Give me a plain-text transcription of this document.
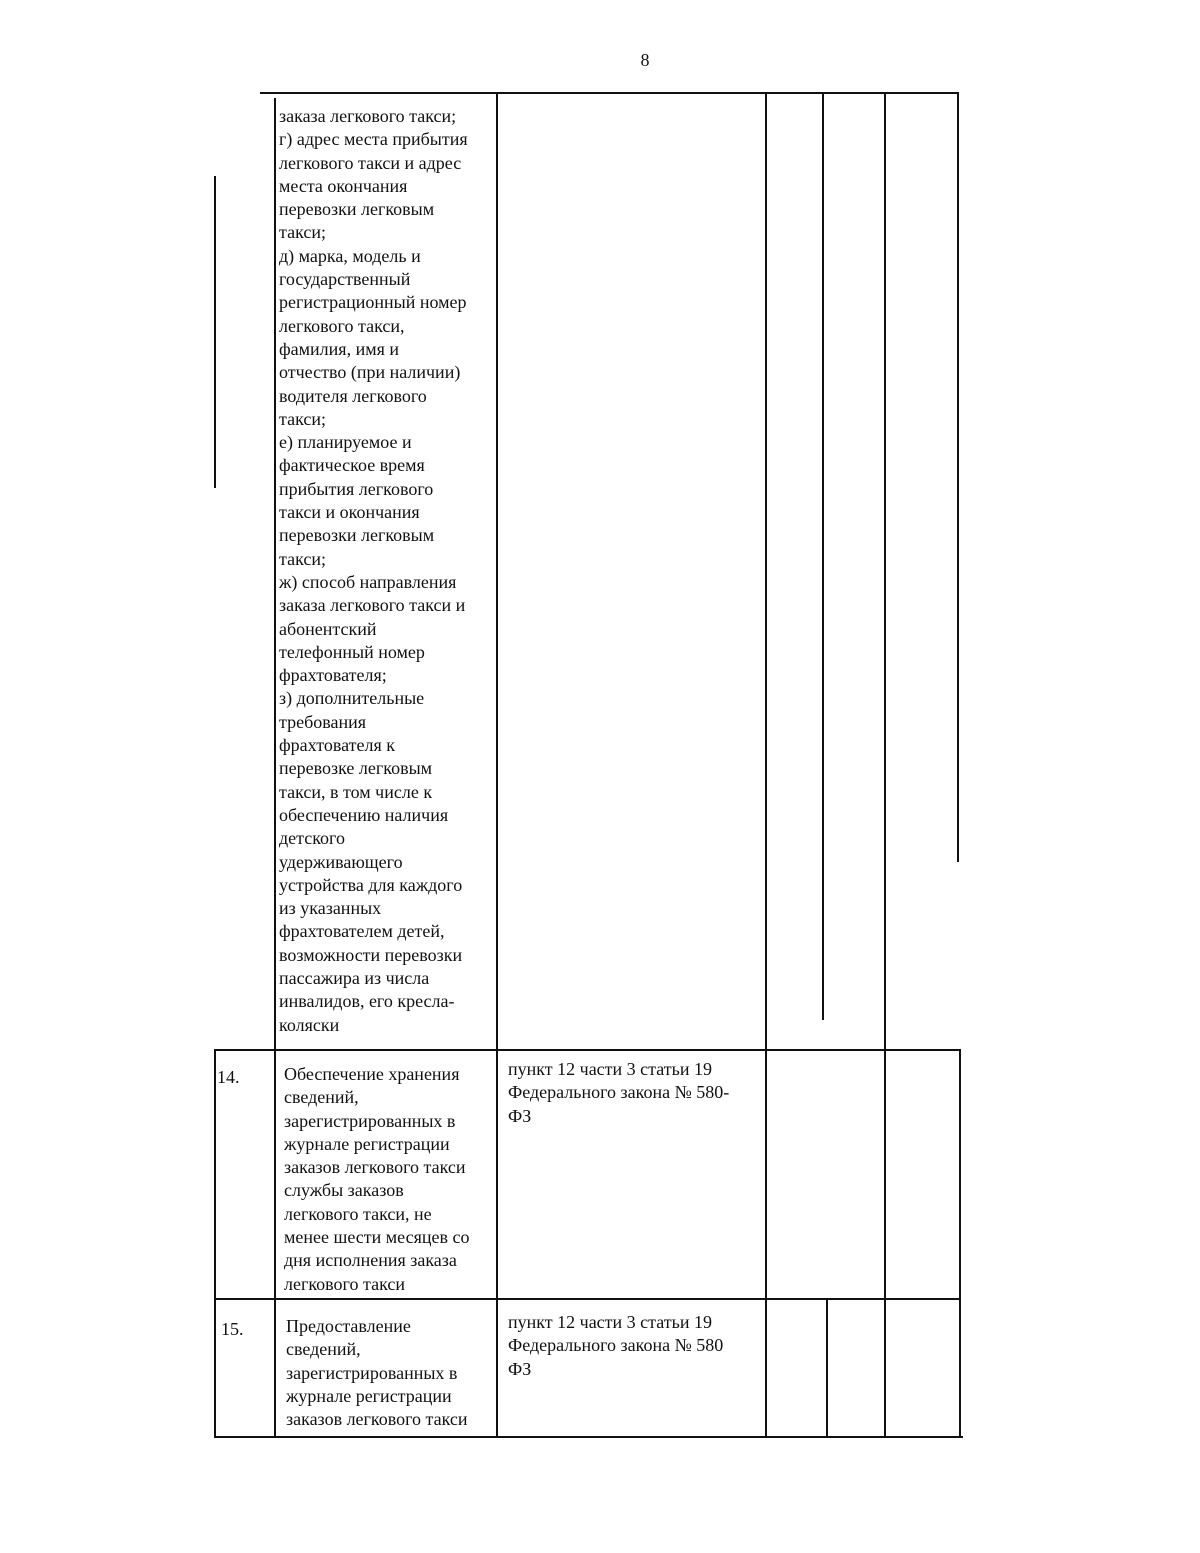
8
заказа легкового такси;
г) адрес места прибытия
легкового такси и адрес
места окончания
перевозки легковым
такси;
д) марка, модель и
государственный
регистрационный номер
легкового такси,
фамилия, имя и
отчество (при наличии)
водителя легкового
такси;
е) планируемое и
фактическое время
прибытия легкового
такси и окончания
перевозки легковым
такси;
ж) способ направления
заказа легкового такси и
абонентский
телефонный номер
фрахтователя;
з) дополнительные
требования
фрахтователя к
перевозке легковым
такси, в том числе к
обеспечению наличия
детского
удерживающего
устройства для каждого
из указанных
фрахтователем детей,
возможности перевозки
пассажира из числа
инвалидов, его кресла-
коляски
14.	Обеспечение хранения
сведений,
зарегистрированных в
журнале регистрации
заказов легкового такси
службы заказов
легкового такси, не
менее шести месяцев со
дня исполнения заказа
легкового такси
пункт 12 части 3 статьи 19
Федерального закона № 580-
ФЗ
15.	Предоставление
сведений,
зарегистрированных в
журнале регистрации
заказов легкового такси
пункт 12 части 3 статьи 19
Федерального закона № 580
ФЗ
